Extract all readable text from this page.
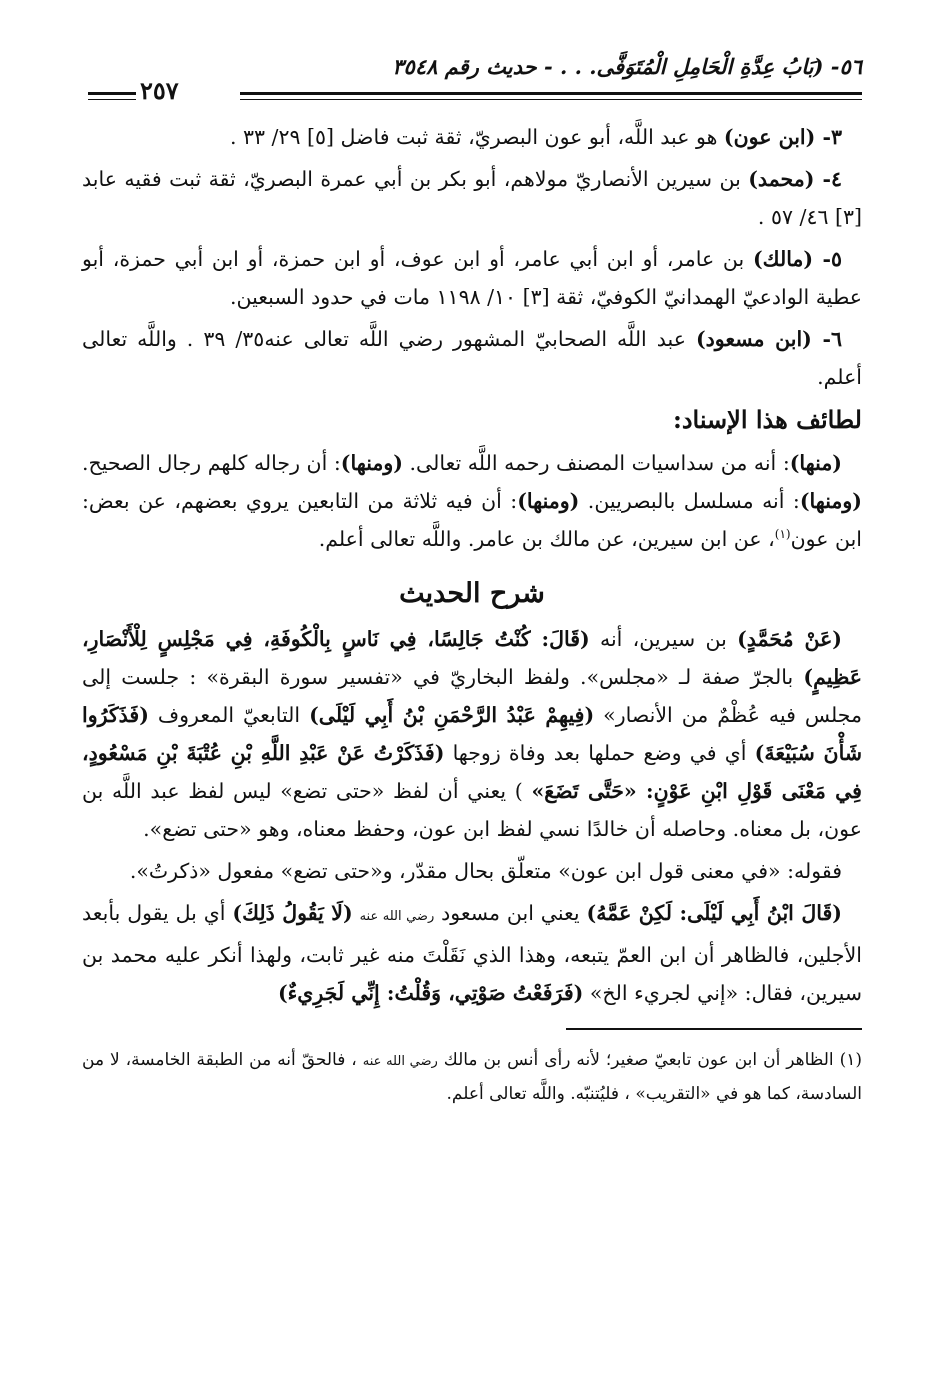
٥٦- (بَابُ عِدَّةِ الْحَامِلِ الْمُتَوَفَّى. . . - حديث رقم ٣٥٤٨
٢٥٧

٣- (ابن عون) هو عبد اللَّه، أبو عون البصريّ، ثقة ثبت فاضل [٥] ٢٩/ ٣٣ .

٤- (محمد) بن سيرين الأنصاريّ مولاهم، أبو بكر بن أبي عمرة البصريّ، ثقة ثبت فقيه عابد [٣] ٤٦/ ٥٧ .

٥- (مالك) بن عامر، أو ابن أبي عامر، أو ابن عوف، أو ابن حمزة، أو ابن أبي حمزة، أبو عطية الوادعيّ الهمدانيّ الكوفيّ، ثقة [٣] ١٠/ ١١٩٨ مات في حدود السبعين.

٦- (ابن مسعود) عبد اللَّه الصحابيّ المشهور رضي اللَّه تعالى عنه٣٥/ ٣٩ . واللَّه تعالى أعلم.

لطائف هذا الإسناد:

(منها): أنه من سداسيات المصنف رحمه اللَّه تعالى. (ومنها): أن رجاله كلهم رجال الصحيح. (ومنها): أنه مسلسل بالبصريين. (ومنها): أن فيه ثلاثة من التابعين يروي بعضهم، عن بعض: ابن عون$^{(١)}$، عن ابن سيرين، عن مالك بن عامر. واللَّه تعالى أعلم.

شرح الحديث

(عَنْ مُحَمَّدٍ) بن سيرين، أنه (قَالَ: كُنْتُ جَالِسًا، فِي نَاسٍ بِالْكُوفَةِ، فِي مَجْلِسٍ لِلْأَنْصَارِ، عَظِيمٍ) بالجرّ صفة لـ «مجلس». ولفظ البخاريّ في «تفسير سورة البقرة» : جلست إلى مجلس فيه عُظْمٌ من الأنصار» (فِيهِمْ عَبْدُ الرَّحْمَنِ بْنُ أَبِي لَيْلَى) التابعيّ المعروف (فَذَكَرُوا شَأْنَ سُبَيْعَةَ) أي في وضع حملها بعد وفاة زوجها (فَذَكَرْتُ عَنْ عَبْدِ اللَّهِ بْنِ عُتْبَةَ بْنِ مَسْعُودٍ، فِي مَعْنَى قَوْلِ ابْنِ عَوْنٍ: «حَتَّى تَضَعَ» ) يعني أن لفظ «حتى تضع» ليس لفظ عبد اللَّه بن عون، بل معناه. وحاصله أن خالدًا نسي لفظ ابن عون، وحفظ معناه، وهو «حتى تضع».

فقوله: «في معنى قول ابن عون» متعلّق بحال مقدّر، و«حتى تضع» مفعول «ذكرتُ».

(قَالَ ابْنُ أَبِي لَيْلَى: لَكِنْ عَمَّهُ) يعني ابن مسعود رضي الله عنه (لَا يَقُولُ ذَلِكَ) أي بل يقول بأبعد الأجلين، فالظاهر أن ابن العمّ يتبعه، وهذا الذي نَقَلْتَ منه غير ثابت، ولهذا أنكر عليه محمد بن سيرين، فقال: «إني لجريء الخ» (فَرَفَعْتُ صَوْتِي، وَقُلْتُ: إِنِّي لَجَرِيءٌ)

(١) الظاهر أن ابن عون تابعيّ صغير؛ لأنه رأى أنس بن مالك رضي الله عنه ، فالحقّ أنه من الطبقة الخامسة، لا من السادسة، كما هو في «التقريب» ، فليُتنبّه. واللَّه تعالى أعلم.
